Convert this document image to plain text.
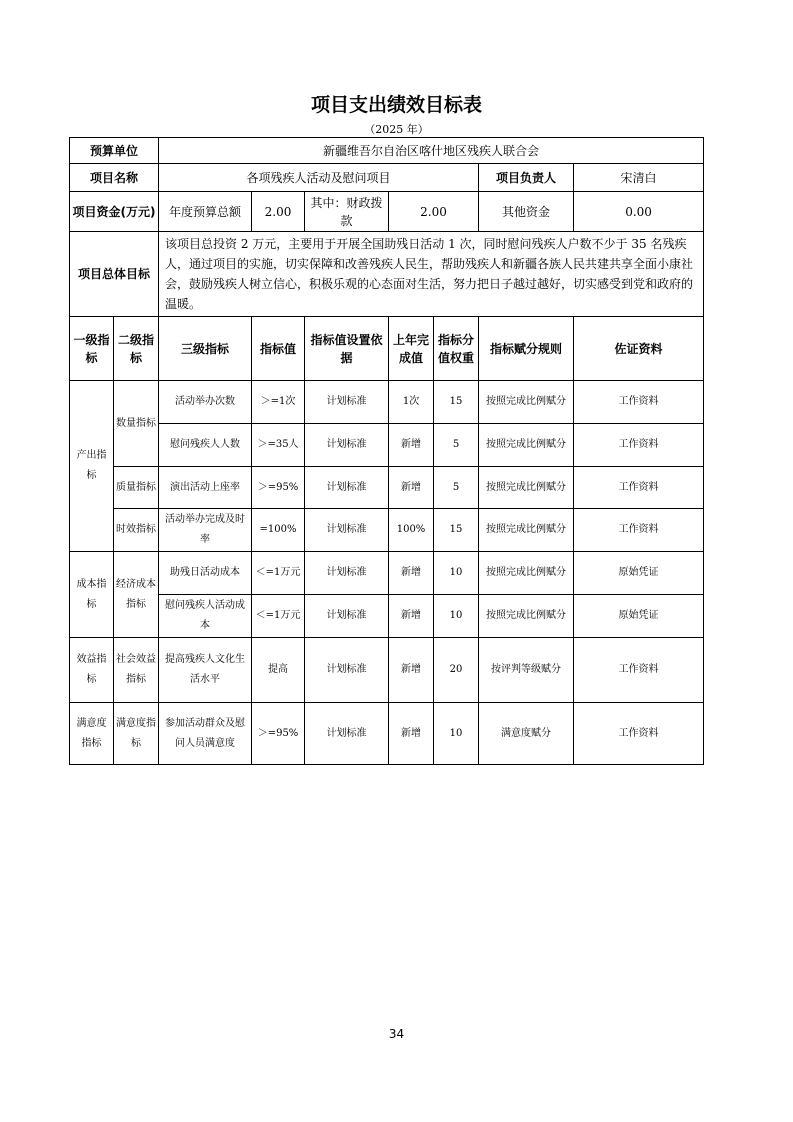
项目支出绩效目标表
（2025 年）
预算单位		新疆维吾尔自治区喀什地区残疾人联合会						
项目名称		各项残疾人活动及慰问项目					项目负责人	宋清白
项目资金(万元)		年度预算总额	2.00	其中：财政拨款	2.00		其他资金	0.00
项目总体目标		该项目总投资 2 万元，主要用于开展全国助残日活动 1 次，同时慰问残疾人户数不少于 35 名残疾人，通过项目的实施，切实保障和改善残疾人民生，帮助残疾人和新疆各族人民共建共享全面小康社会，鼓励残疾人树立信心，积极乐观的心态面对生活，努力把日子越过越好，切实感受到党和政府的温暖。						
一级指标	二级指标	三级指标	指标值	指标值设置依据	上年完成值	指标分值权重	指标赋分规则	佐证资料
产出指标	数量指标	活动举办次数	＞=1次	计划标准	1次	15	按照完成比例赋分	工作资料
		慰问残疾人人数	＞=35人	计划标准	新增	5	按照完成比例赋分	工作资料
	质量指标	演出活动上座率	＞=95%	计划标准	新增	5	按照完成比例赋分	工作资料
	时效指标	活动举办完成及时率	=100%	计划标准	100%	15	按照完成比例赋分	工作资料
成本指标	经济成本指标	助残日活动成本	＜=1万元	计划标准	新增	10	按照完成比例赋分	原始凭证
		慰问残疾人活动成本	＜=1万元	计划标准	新增	10	按照完成比例赋分	原始凭证
效益指标	社会效益指标	提高残疾人文化生活水平	提高	计划标准	新增	20	按评判等级赋分	工作资料
满意度指标	满意度指标	参加活动群众及慰问人员满意度	＞=95%	计划标准	新增	10	满意度赋分	工作资料
34
